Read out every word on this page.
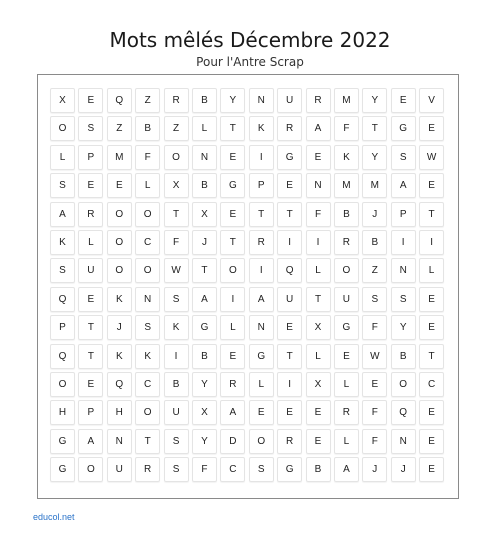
Mots mêlés Décembre 2022
Pour l'Antre Scrap
X	E	Q	Z	R	B	Y	N	U	R	M	Y	E	V
O	S	Z	B	Z	L	T	K	R	A	F	T	G	E
L	P	M	F	O	N	E	I	G	E	K	Y	S	W
S	E	E	L	X	B	G	P	E	N	M	M	A	E
A	R	O	O	T	X	E	T	T	F	B	J	P	T
K	L	O	C	F	J	T	R	I	I	R	B	I	I
S	U	O	O	W	T	O	I	Q	L	O	Z	N	L
Q	E	K	N	S	A	I	A	U	T	U	S	S	E
P	T	J	S	K	G	L	N	E	X	G	F	Y	E
Q	T	K	K	I	B	E	G	T	L	E	W	B	T
O	E	Q	C	B	Y	R	L	I	X	L	E	O	C
H	P	H	O	U	X	A	E	E	E	R	F	Q	E
G	A	N	T	S	Y	D	O	R	E	L	F	N	E
G	O	U	R	S	F	C	S	G	B	A	J	J	E
educol.net
